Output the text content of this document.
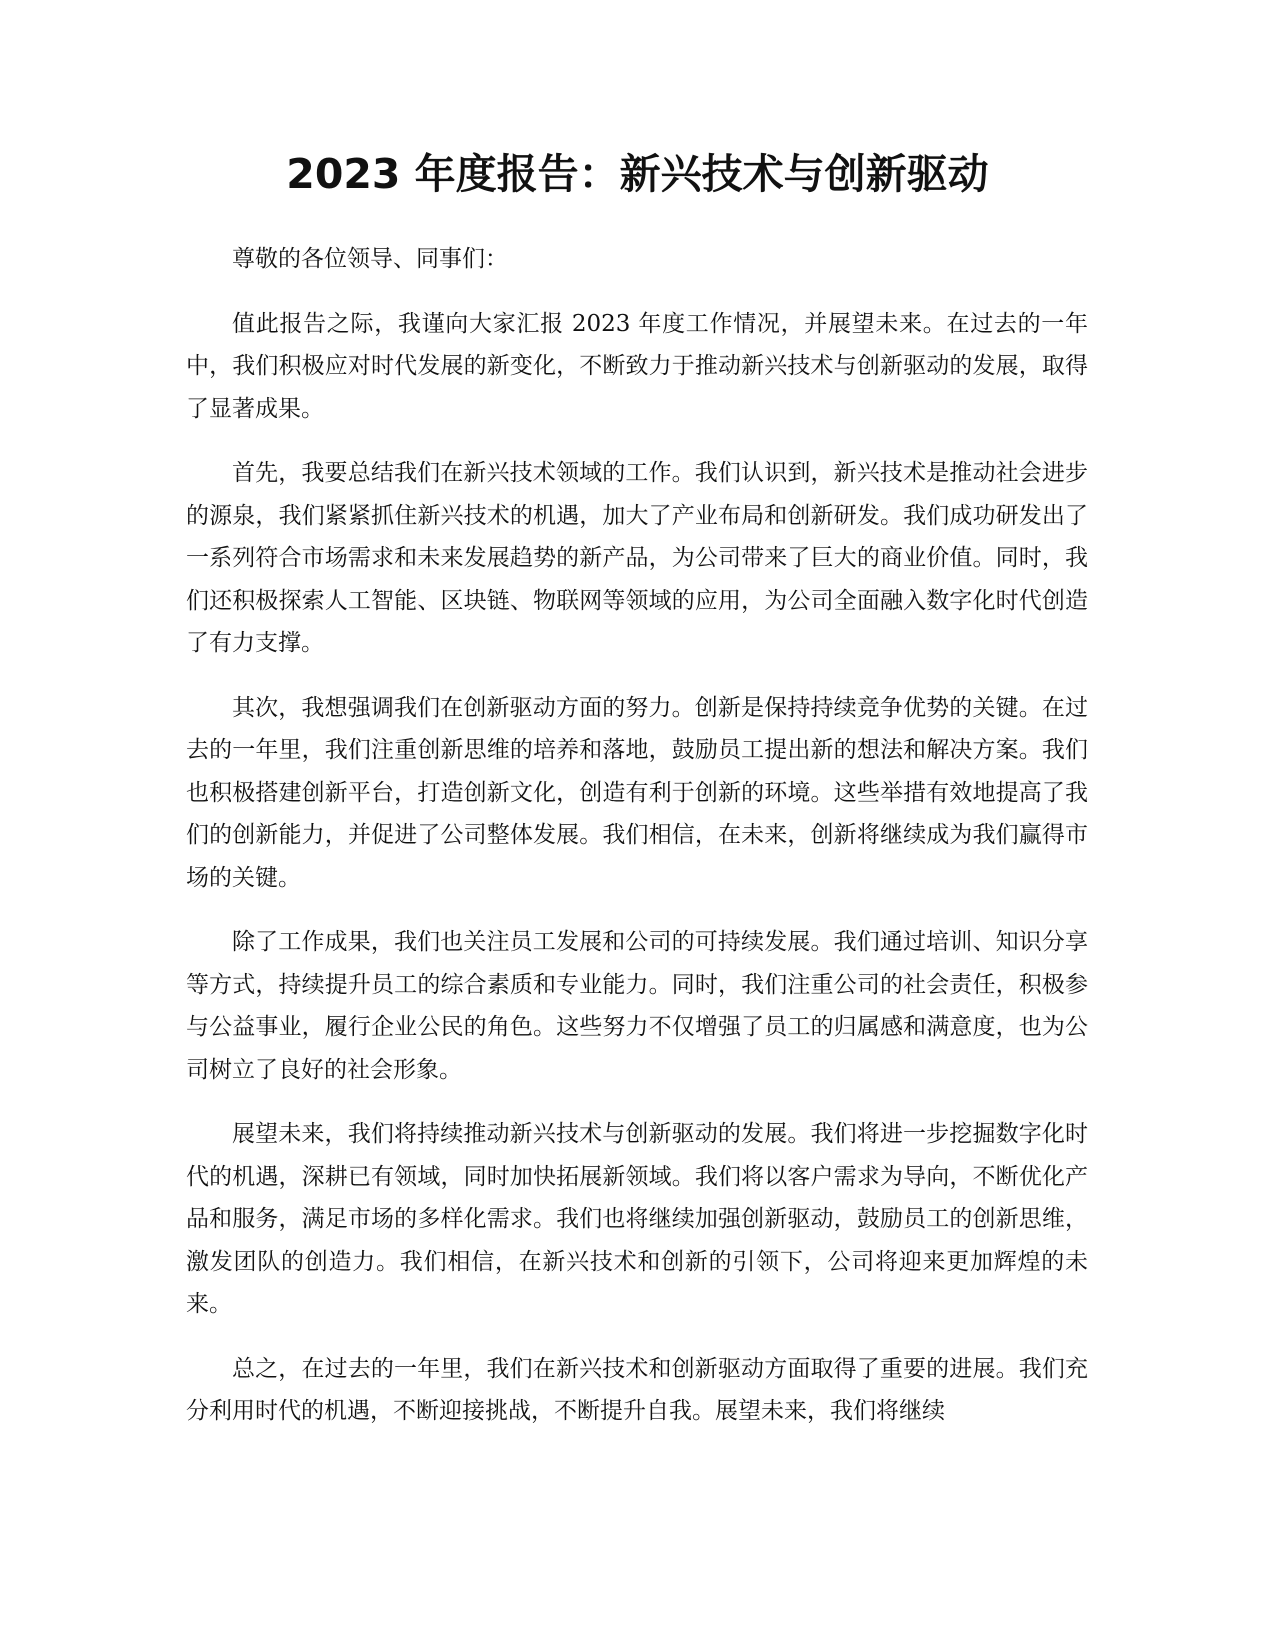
2023 年度报告：新兴技术与创新驱动

尊敬的各位领导、同事们：

值此报告之际，我谨向大家汇报 2023 年度工作情况，并展望未来。在过去的一年中，我们积极应对时代发展的新变化，不断致力于推动新兴技术与创新驱动的发展，取得了显著成果。

首先，我要总结我们在新兴技术领域的工作。我们认识到，新兴技术是推动社会进步的源泉，我们紧紧抓住新兴技术的机遇，加大了产业布局和创新研发。我们成功研发出了一系列符合市场需求和未来发展趋势的新产品，为公司带来了巨大的商业价值。同时，我们还积极探索人工智能、区块链、物联网等领域的应用，为公司全面融入数字化时代创造了有力支撑。

其次，我想强调我们在创新驱动方面的努力。创新是保持持续竞争优势的关键。在过去的一年里，我们注重创新思维的培养和落地，鼓励员工提出新的想法和解决方案。我们也积极搭建创新平台，打造创新文化，创造有利于创新的环境。这些举措有效地提高了我们的创新能力，并促进了公司整体发展。我们相信，在未来，创新将继续成为我们赢得市场的关键。

除了工作成果，我们也关注员工发展和公司的可持续发展。我们通过培训、知识分享等方式，持续提升员工的综合素质和专业能力。同时，我们注重公司的社会责任，积极参与公益事业，履行企业公民的角色。这些努力不仅增强了员工的归属感和满意度，也为公司树立了良好的社会形象。

展望未来，我们将持续推动新兴技术与创新驱动的发展。我们将进一步挖掘数字化时代的机遇，深耕已有领域，同时加快拓展新领域。我们将以客户需求为导向，不断优化产品和服务，满足市场的多样化需求。我们也将继续加强创新驱动，鼓励员工的创新思维，激发团队的创造力。我们相信，在新兴技术和创新的引领下，公司将迎来更加辉煌的未来。

总之，在过去的一年里，我们在新兴技术和创新驱动方面取得了重要的进展。我们充分利用时代的机遇，不断迎接挑战，不断提升自我。展望未来，我们将继续
